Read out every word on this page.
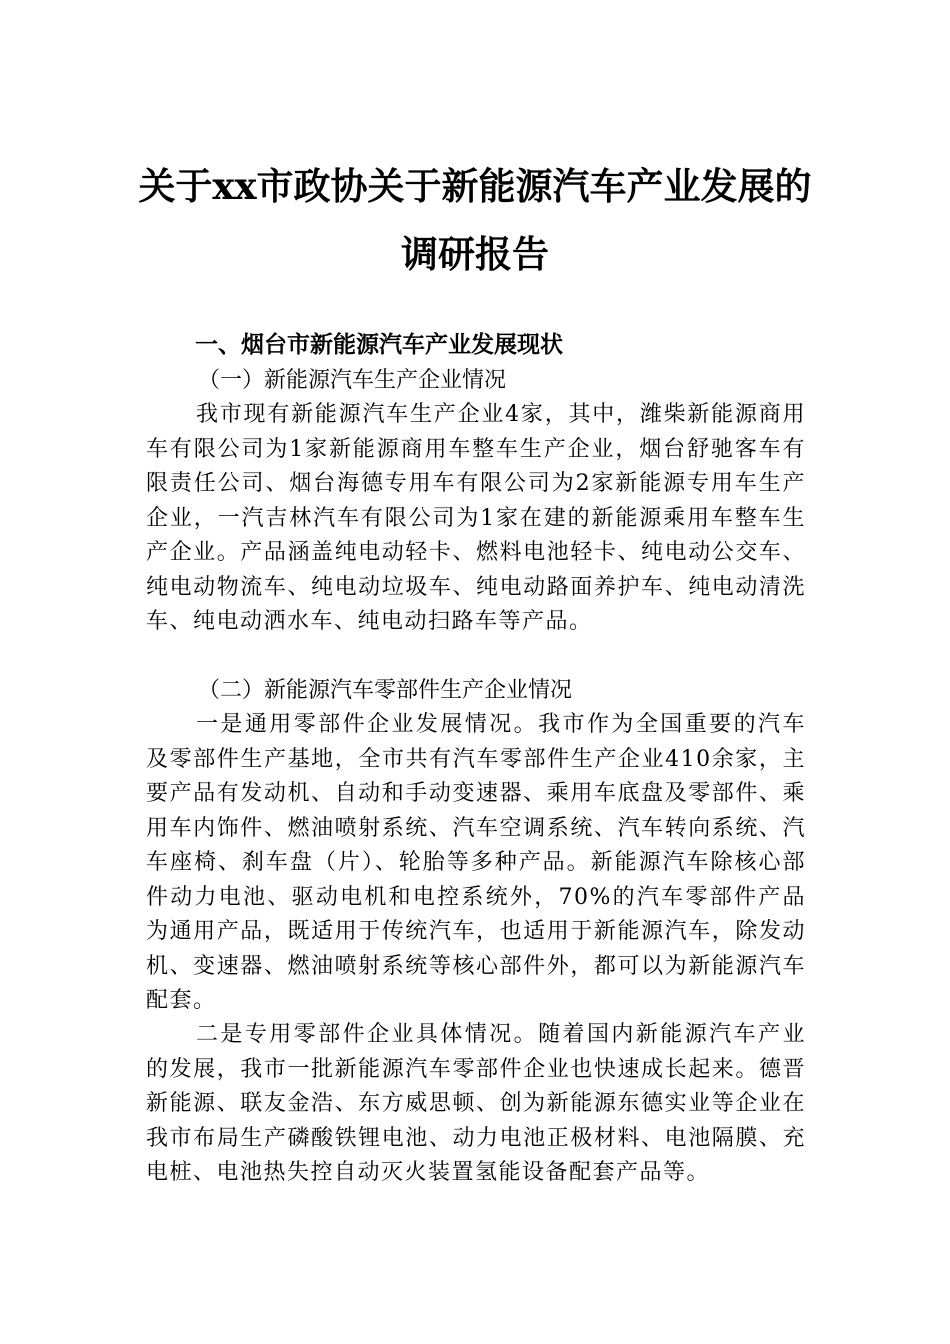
关于xx市政协关于新能源汽车产业发展的
调研报告
一、烟台市新能源汽车产业发展现状
（一）新能源汽车生产企业情况

我市现有新能源汽车生产企业4家，其中，潍柴新能源商用车有限公司为1家新能源商用车整车生产企业，烟台舒驰客车有限责任公司、烟台海德专用车有限公司为2家新能源专用车生产企业，一汽吉林汽车有限公司为1家在建的新能源乘用车整车生产企业。产品涵盖纯电动轻卡、燃料电池轻卡、纯电动公交车、纯电动物流车、纯电动垃圾车、纯电动路面养护车、纯电动清洗车、纯电动洒水车、纯电动扫路车等产品。

（二）新能源汽车零部件生产企业情况

一是通用零部件企业发展情况。我市作为全国重要的汽车及零部件生产基地，全市共有汽车零部件生产企业410余家，主要产品有发动机、自动和手动变速器、乘用车底盘及零部件、乘用车内饰件、燃油喷射系统、汽车空调系统、汽车转向系统、汽车座椅、刹车盘（片）、轮胎等多种产品。新能源汽车除核心部件动力电池、驱动电机和电控系统外，70%的汽车零部件产品为通用产品，既适用于传统汽车，也适用于新能源汽车，除发动机、变速器、燃油喷射系统等核心部件外，都可以为新能源汽车配套。

二是专用零部件企业具体情况。随着国内新能源汽车产业的发展，我市一批新能源汽车零部件企业也快速成长起来。德晋新能源、联友金浩、东方威思顿、创为新能源东德实业等企业在我市布局生产磷酸铁锂电池、动力电池正极材料、电池隔膜、充电桩、电池热失控自动灭火装置氢能设备配套产品等。
